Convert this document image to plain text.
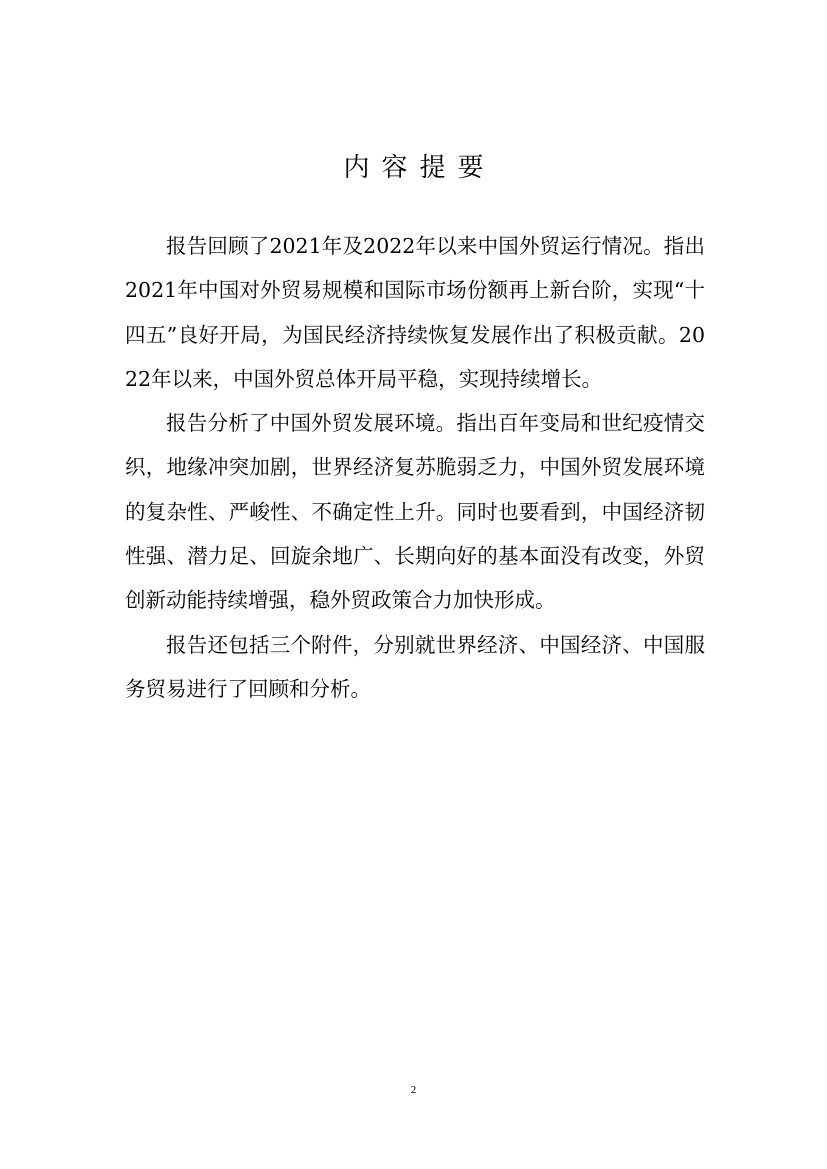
内容提要

报告回顾了2021年及2022年以来中国外贸运行情况。指出2021年中国对外贸易规模和国际市场份额再上新台阶，实现“十四五”良好开局，为国民经济持续恢复发展作出了积极贡献。2022年以来，中国外贸总体开局平稳，实现持续增长。

报告分析了中国外贸发展环境。指出百年变局和世纪疫情交织，地缘冲突加剧，世界经济复苏脆弱乏力，中国外贸发展环境的复杂性、严峻性、不确定性上升。同时也要看到，中国经济韧性强、潜力足、回旋余地广、长期向好的基本面没有改变，外贸创新动能持续增强，稳外贸政策合力加快形成。

报告还包括三个附件，分别就世界经济、中国经济、中国服务贸易进行了回顾和分析。

2
